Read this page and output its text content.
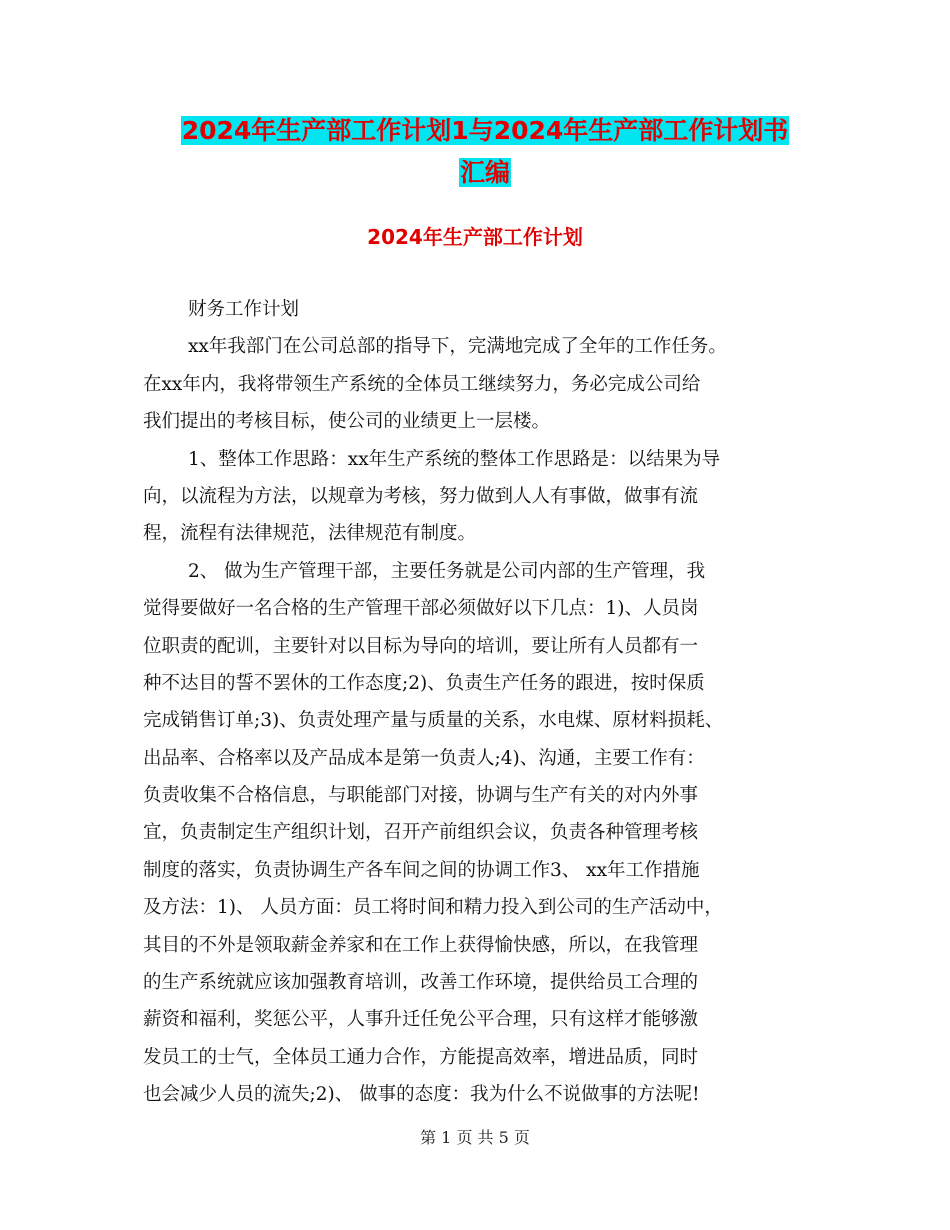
2024年生产部工作计划1与2024年生产部工作计划书
汇编
2024年生产部工作计划
财务工作计划
xx年我部门在公司总部的指导下，完满地完成了全年的工作任务。
在xx年内，我将带领生产系统的全体员工继续努力，务必完成公司给
我们提出的考核目标，使公司的业绩更上一层楼。
1、整体工作思路：xx年生产系统的整体工作思路是：以结果为导
向，以流程为方法，以规章为考核，努力做到人人有事做，做事有流
程，流程有法律规范，法律规范有制度。
2、 做为生产管理干部，主要任务就是公司内部的生产管理，我
觉得要做好一名合格的生产管理干部必须做好以下几点：1)、人员岗
位职责的配训，主要针对以目标为导向的培训，要让所有人员都有一
种不达目的誓不罢休的工作态度;2)、负责生产任务的跟进，按时保质
完成销售订单;3)、负责处理产量与质量的关系，水电煤、原材料损耗、
出品率、合格率以及产品成本是第一负责人;4)、沟通，主要工作有：
负责收集不合格信息，与职能部门对接，协调与生产有关的对内外事
宜，负责制定生产组织计划，召开产前组织会议，负责各种管理考核
制度的落实，负责协调生产各车间之间的协调工作3、 xx年工作措施
及方法：1)、 人员方面：员工将时间和精力投入到公司的生产活动中，
其目的不外是领取薪金养家和在工作上获得愉快感，所以，在我管理
的生产系统就应该加强教育培训，改善工作环境，提供给员工合理的
薪资和福利，奖惩公平，人事升迁任免公平合理，只有这样才能够激
发员工的士气，全体员工通力合作，方能提高效率，增进品质，同时
也会减少人员的流失;2)、 做事的态度：我为什么不说做事的方法呢!
第 1 页 共 5 页
